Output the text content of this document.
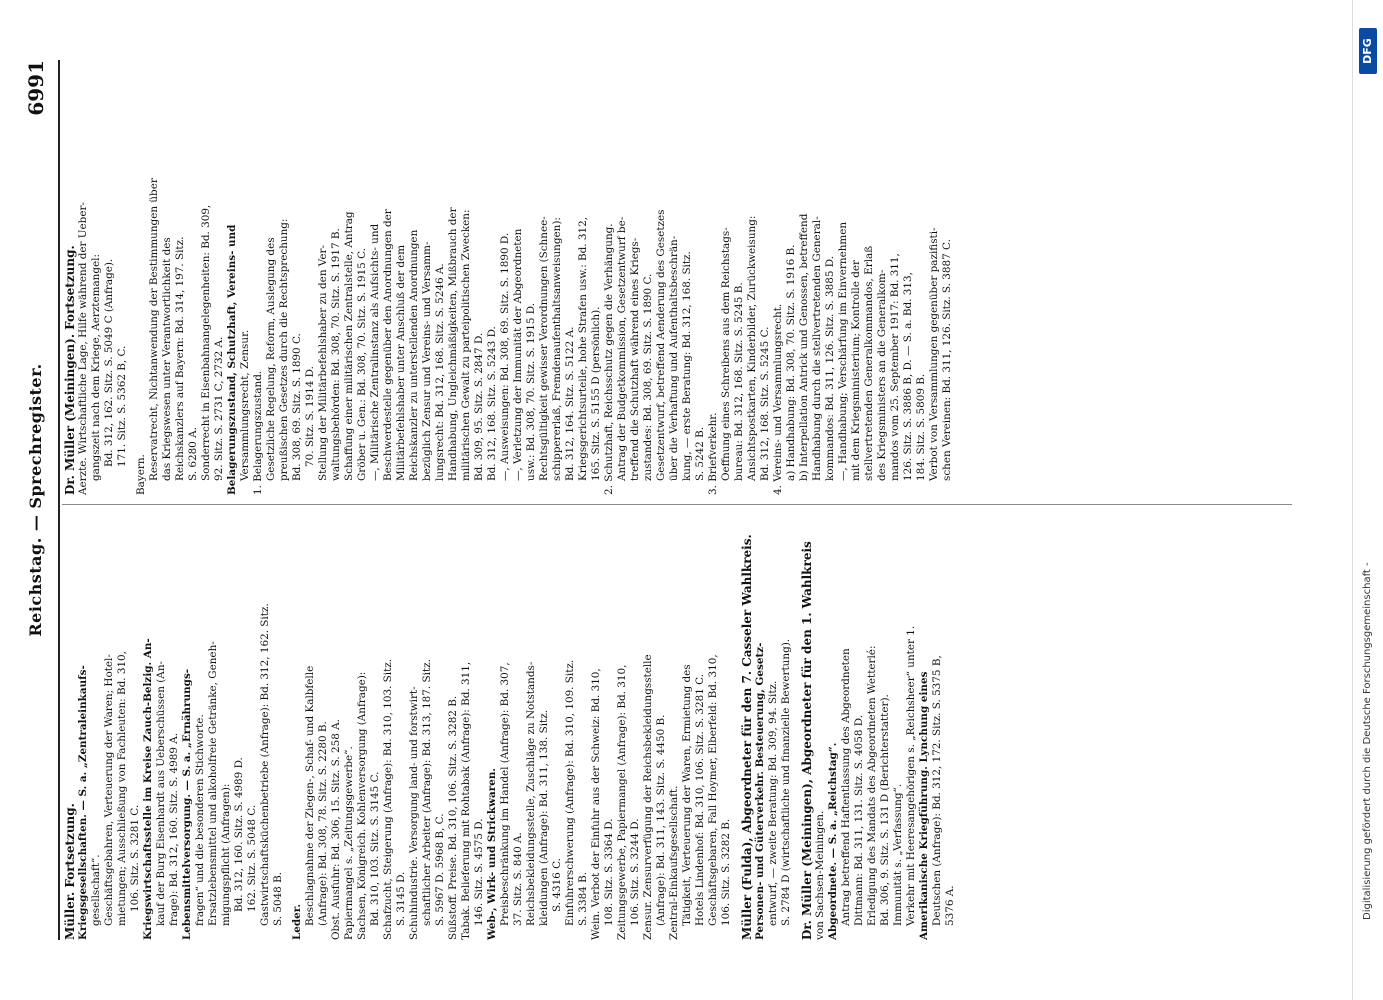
Reichstag. — Sprechregister.
6991
Müller. Fortsetzung. Kriegsgesellschaften. — S. a. „Zentraleinkaufs- gesellschaft“. Geschäftsgebahren, Verteuerung der Waren; Hotel- mietungen; Ausschließung von Fachleuten: Bd. 310, 106. Sitz. S. 3281 C. Kriegswirtschaftsstelle im Kreise Zauch-Belzig. An- kauf der Burg Eisenhardt aus Ueberschüssen (An- frage): Bd. 312, 160. Sitz. S. 4989 A. Lebensmittelversorgung. — S. a. „Ernährungs- fragen“ und die besonderen Stichworte. Ersatzlebensmittel und alkoholfreie Getränke, Geneh- migungspflicht (Anfragen): Bd. 312, 160. Sitz. S. 4989 D. 162. Sitz. S. 5048 C. Gastwirtschaftsküchenbetriebe (Anfrage): Bd. 312, 162. Sitz. S. 5048 B. Leder. Beschlagnahme der Ziegen-, Schaf- und Kalbfelle (Anfrage): Bd. 308, 78. Sitz. S. 2280 B. Obst. Ausfuhr: Bd. 306, 15. Sitz. S. 258 A. Papiermangel s. „Zeitungsgewerbe“. Sachsen, Königreich. Kohlenversorgung (Anfrage): Bd. 310, 103. Sitz. S. 3145 C. Schafzucht, Steigerung (Anfrage): Bd. 310, 103. Sitz. S. 3145 D. Schuhindustrie. Versorgung land- und forstwirt- schaftlicher Arbeiter (Anfrage): Bd. 313, 187. Sitz. S. 5967 D. 5968 B, C. Süßstoff. Preise. Bd. 310, 106. Sitz. S. 3282 B. Tabak. Belieferung mit Rohtabak (Anfrage): Bd. 311, 146. Sitz. S. 4575 D. Web-, Wirk- und Strickwaren. Preisbeschränkung im Handel (Anfrage): Bd. 307, 37. Sitz. S. 840 A. Reichsbekleidungsstelle, Zuschläge zu Notstands- kleidungen (Anfrage): Bd. 311, 138. Sitz. S. 4316 C. Einfuhrerschwerung (Anfrage): Bd. 310, 109. Sitz. S. 3384 B. Wein. Verbot der Einfuhr aus der Schweiz: Bd. 310, 108. Sitz. S. 3364 D. Zeitungsgewerbe, Papiermangel (Anfrage): Bd. 310, 106. Sitz. S. 3244 D. Zensur. Zensurverfügung der Reichsbekleidungsstelle (Anfrage): Bd. 311, 143. Sitz. S. 4450 B. Zentral-Einkaufsgesellschaft. Tätigkeit, Verteuerung der Waren, Ermietung des Hotels Lindenhof: Bd. 310, 106. Sitz. S. 3281 C. Geschäftsgebaren, Fall Hoymer, Elberfeld: Bd. 310, 106. Sitz. S. 3282 B. Müller (Fulda), Abgeordneter für den 7. Casseler Wahlkreis. Personen- und Güterverkehr. Besteuerung, Gesetz- entwurf, — zweite Beratung: Bd. 309, 94. Sitz. S. 2784 D (wirtschaftliche und finanzielle Bewertung). Dr. Müller (Meiningen), Abgeordneter für den 1. Wahlkreis von Sachsen-Meiningen. Abgeordnete. — S. a. „Reichstag“. Antrag betreffend Haftentlassung des Abgeordneten Dittmann: Bd. 311, 131. Sitz. S. 4058 D. Erledigung des Mandats des Abgeordneten Wetterlé: Bd. 306, 9. Sitz. S. 131 D (Berichterstatter). Immunität s. „Verfassung“. Verkehr mit Heeresangehörigen s. „Reichsheer“ unter 1. Amerikanische Kriegführung. Lynchung eines Deutschen (Anfrage): Bd. 312, 172. Sitz. S. 5375 B, 5376 A.
Dr. Müller (Meiningen). Fortsetzung. Aerzte. Wirtschaftliche Lage, Hilfe während der Ueber- gangszeit nach dem Kriege, Aerztemangel: Bd. 312, 162. Sitz. S. 5049 C (Anfrage). 171. Sitz. S. 5362 B, C.
Bayern. Reservatrecht, Nichtanwendung der Bestimmungen über das Kriegswesen unter Verantwortlichkeit des Reichskanzlers auf Bayern: Bd. 314, 197. Sitz. S. 6280 A. Sonderrecht in Eisenbahnangelegenheiten: Bd. 309, 92. Sitz. S. 2731 C, 2732 A. Belagerungszustand, Schutzhaft, Vereins- und Versammlungsrecht, Zensur. 1. Belagerungszustand. Gesetzliche Regelung, Reform, Auslegung des preußischen Gesetzes durch die Rechtsprechung: Bd. 308, 69. Sitz. S. 1890 C. 70. Sitz. S. 1914 D. Stellung der Militärbefehlshaber zu den Ver- waltungsbehörden: Bd. 308, 70. Sitz. S. 1917 B. Schaffung einer militärischen Zentralstelle, Antrag Gröber u. Gen.: Bd. 308, 70. Sitz. S. 1915 C. —, Militärische Zentralinstanz als Aufsichts- und Beschwerdestelle gegenüber den Anordnungen der Militärbefehlshaber unter Anschluß der dem Reichskanzler zu unterstellenden Anordnungen bezüglich Zensur und Vereins- und Versamm- lungsrecht: Bd. 312, 168. Sitz. S. 5246 A. Handhabung, Ungleichmäßigkeiten, Mißbrauch der militärischen Gewalt zu parteipolitischen Zwecken: Bd. 309, 95. Sitz. S. 2847 D. Bd. 312, 168. Sitz. S. 5243 D. —, Ausweisungen: Bd. 308, 69. Sitz. S. 1890 D. —, Verletzung der Immunität der Abgeordneten usw.: Bd. 308, 70. Sitz. S. 1915 D. Rechtsgültigkeit gewisser Verordnungen (Schnee- schippererlaß, Fremdenaufenthaltsanweisungen): Bd. 312, 164. Sitz. S. 5122 A. Kriegsgerichtsurteile, hohe Strafen usw.: Bd. 312, 165. Sitz. S. 5155 D (persönlich). 2. Schutzhaft, Reichsschutz gegen die Verhängung. Antrag der Budgetkommission, Gesetzentwurf be- treffend die Schutzhaft während eines Kriegs- zustandes: Bd. 308, 69. Sitz. S. 1890 C. Gesetzentwurf, betreffend Aenderung des Gesetzes über die Verhaftung und Aufenthaltsbeschrän- kung, — erste Beratung: Bd. 312, 168. Sitz. S. 5242 B. 3. Briefverkehr. Oeffnung eines Schreibens aus dem Reichstags- bureau: Bd. 312, 168. Sitz. S. 5245 B. Ansichtspostkarten, Kinderbilder, Zurückweisung: Bd. 312, 168. Sitz. S. 5245 C. 4. Vereins- und Versammlungsrecht. a) Handhabung: Bd. 308, 70. Sitz. S. 1916 B. b) Interpellation Antrick und Genossen, betreffend Handhabung durch die stellvertretenden General- kommandos: Bd. 311, 126. Sitz. S. 3885 D. —, Handhabung; Verschärfung im Einvernehmen mit dem Kriegsministerium; Kontrolle der stellvertretenden Generalkommandos, Erlaß des Kriegsministers an die Generalkom- mandos vom 25. September 1917: Bd. 311, 126. Sitz. S. 3886 B, D. — S. a. Bd. 313, 184. Sitz. S. 5809 B. Verbot von Versammlungen gegenüber pazifisti- schen Vereinen: Bd. 311, 126. Sitz. S. 3887 C.
Digitalisierung gefördert durch die Deutsche Forschungsgemeinschaft -
DFG
